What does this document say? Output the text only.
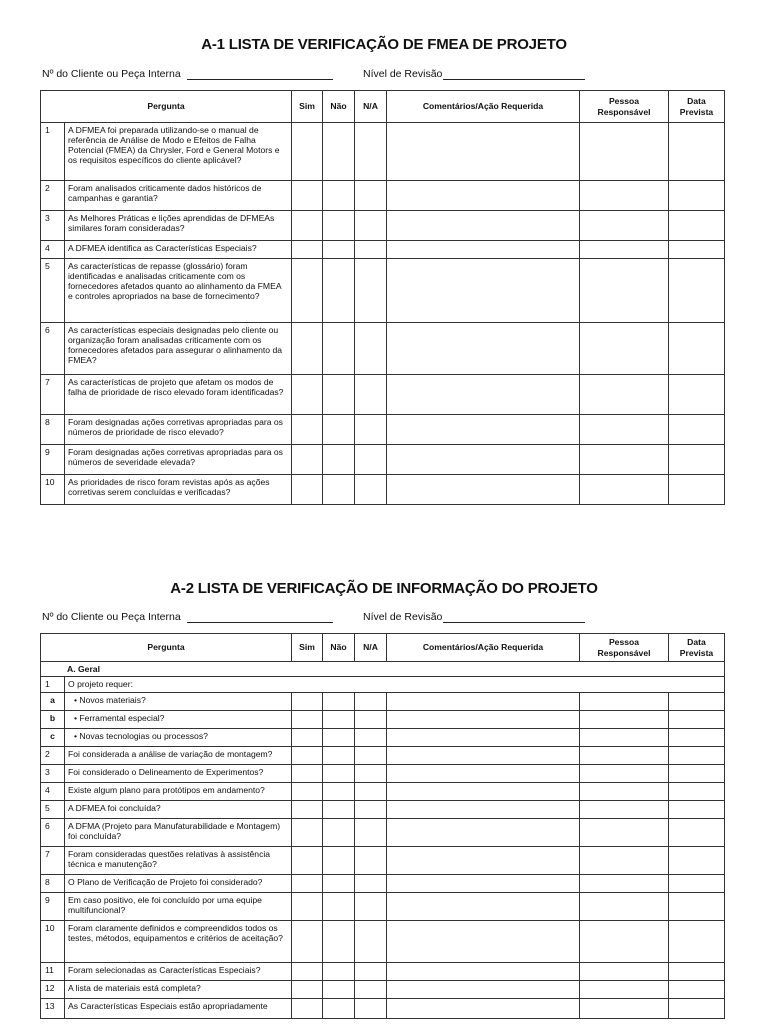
A-1 LISTA DE VERIFICAÇÃO DE FMEA DE PROJETO
Nº do Cliente ou Peça Interna	Nível de Revisão
Pergunta		Sim	Não	N/A	Comentários/Ação Requerida	Pessoa Responsável	Data Prevista
1	A DFMEA foi preparada utilizando-se o manual de referência de Análise de Modo e Efeitos de Falha Potencial (FMEA) da Chrysler, Ford e General Motors e os requisitos específicos do cliente aplicável?						
2	Foram analisados criticamente dados históricos de campanhas e garantia?						
3	As Melhores Práticas e lições aprendidas de DFMEAs similares foram consideradas?						
4	A DFMEA identifica as Características Especiais?						
5	As características de repasse (glossário) foram identificadas e analisadas criticamente com os fornecedores afetados quanto ao alinhamento da FMEA e controles apropriados na base de fornecimento?						
6	As características especiais designadas pelo cliente ou organização foram analisadas criticamente com os fornecedores afetados para assegurar o alinhamento da FMEA?						
7	As características de projeto que afetam os modos de falha de prioridade de risco elevado foram identificadas?						
8	Foram designadas ações corretivas apropriadas para os números de prioridade de risco elevado?						
9	Foram designadas ações corretivas apropriadas para os números de severidade elevada?						
10	As prioridades de risco foram revistas após as ações corretivas serem concluídas e verificadas?						
A-2 LISTA DE VERIFICAÇÃO DE INFORMAÇÃO DO PROJETO
Nº do Cliente ou Peça Interna	Nível de Revisão
Pergunta		Sim	Não	N/A	Comentários/Ação Requerida	Pessoa Responsável	Data Prevista
A. Geral							
1	O projeto requer:						
a	• Novos materiais?						
b	• Ferramental especial?						
c	• Novas tecnologias ou processos?						
2	Foi considerada a análise de variação de montagem?						
3	Foi considerado o Delineamento de Experimentos?						
4	Existe algum plano para protótipos em andamento?						
5	A DFMEA foi concluída?						
6	A DFMA (Projeto para Manufaturabilidade e Montagem) foi concluída?						
7	Foram consideradas questões relativas à assistência técnica e manutenção?						
8	O Plano de Verificação de Projeto foi considerado?						
9	Em caso positivo, ele foi concluído por uma equipe multifuncional?						
10	Foram claramente definidos e compreendidos todos os testes, métodos, equipamentos e critérios de aceitação?						
11	Foram selecionadas as Características Especiais?						
12	A lista de materiais está completa?						
13	As Características Especiais estão apropriadamente						
